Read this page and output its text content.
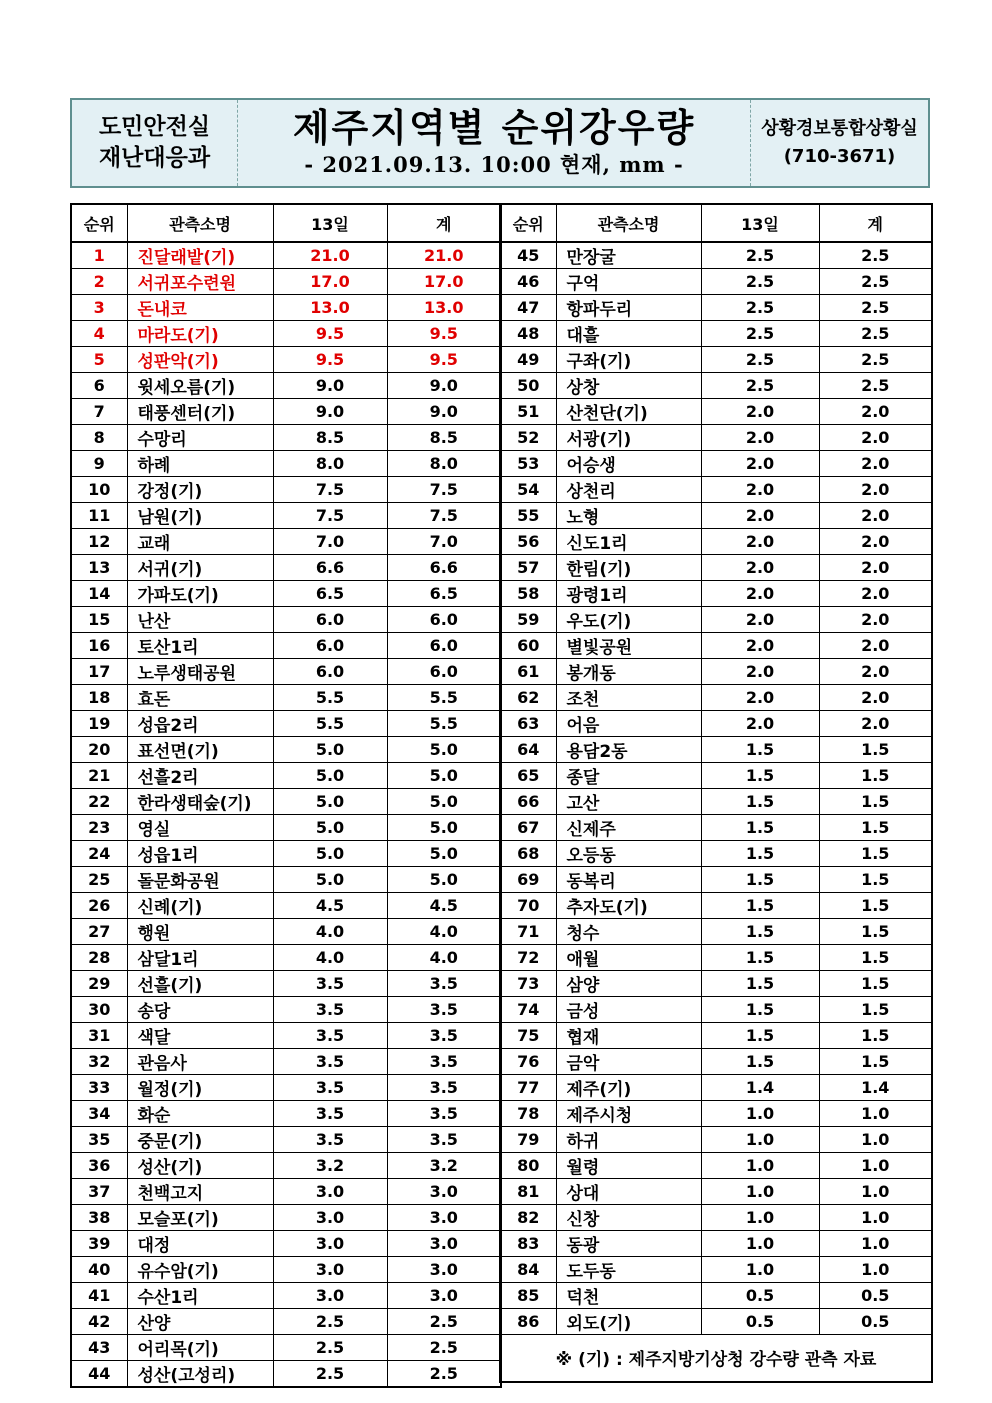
도민안전실
재난대응과
제주지역별 순위강우량
- 2021.09.13. 10:00 현재, mm -
상황경보통합상황실
(710-3671)
순위	관측소명	13일	계
1	진달래밭(기)	21.0	21.0
2	서귀포수련원	17.0	17.0
3	돈내코	13.0	13.0
4	마라도(기)	9.5	9.5
5	성판악(기)	9.5	9.5
6	윗세오름(기)	9.0	9.0
7	태풍센터(기)	9.0	9.0
8	수망리	8.5	8.5
9	하례	8.0	8.0
10	강정(기)	7.5	7.5
11	남원(기)	7.5	7.5
12	교래	7.0	7.0
13	서귀(기)	6.6	6.6
14	가파도(기)	6.5	6.5
15	난산	6.0	6.0
16	토산1리	6.0	6.0
17	노루생태공원	6.0	6.0
18	효돈	5.5	5.5
19	성읍2리	5.5	5.5
20	표선면(기)	5.0	5.0
21	선흘2리	5.0	5.0
22	한라생태숲(기)	5.0	5.0
23	영실	5.0	5.0
24	성읍1리	5.0	5.0
25	돌문화공원	5.0	5.0
26	신례(기)	4.5	4.5
27	행원	4.0	4.0
28	삼달1리	4.0	4.0
29	선흘(기)	3.5	3.5
30	송당	3.5	3.5
31	색달	3.5	3.5
32	관음사	3.5	3.5
33	월정(기)	3.5	3.5
34	화순	3.5	3.5
35	중문(기)	3.5	3.5
36	성산(기)	3.2	3.2
37	천백고지	3.0	3.0
38	모슬포(기)	3.0	3.0
39	대정	3.0	3.0
40	유수암(기)	3.0	3.0
41	수산1리	3.0	3.0
42	산양	2.5	2.5
43	어리목(기)	2.5	2.5
44	성산(고성리)	2.5	2.5
순위	관측소명	13일	계
45	만장굴	2.5	2.5
46	구억	2.5	2.5
47	항파두리	2.5	2.5
48	대흘	2.5	2.5
49	구좌(기)	2.5	2.5
50	상창	2.5	2.5
51	산천단(기)	2.0	2.0
52	서광(기)	2.0	2.0
53	어승생	2.0	2.0
54	상천리	2.0	2.0
55	노형	2.0	2.0
56	신도1리	2.0	2.0
57	한림(기)	2.0	2.0
58	광령1리	2.0	2.0
59	우도(기)	2.0	2.0
60	별빛공원	2.0	2.0
61	봉개동	2.0	2.0
62	조천	2.0	2.0
63	어음	2.0	2.0
64	용담2동	1.5	1.5
65	종달	1.5	1.5
66	고산	1.5	1.5
67	신제주	1.5	1.5
68	오등동	1.5	1.5
69	동복리	1.5	1.5
70	추자도(기)	1.5	1.5
71	청수	1.5	1.5
72	애월	1.5	1.5
73	삼양	1.5	1.5
74	금성	1.5	1.5
75	협재	1.5	1.5
76	금악	1.5	1.5
77	제주(기)	1.4	1.4
78	제주시청	1.0	1.0
79	하귀	1.0	1.0
80	월령	1.0	1.0
81	상대	1.0	1.0
82	신창	1.0	1.0
83	동광	1.0	1.0
84	도두동	1.0	1.0
85	덕천	0.5	0.5
86	외도(기)	0.5	0.5
※ (기) : 제주지방기상청 강수량 관측 자료			
